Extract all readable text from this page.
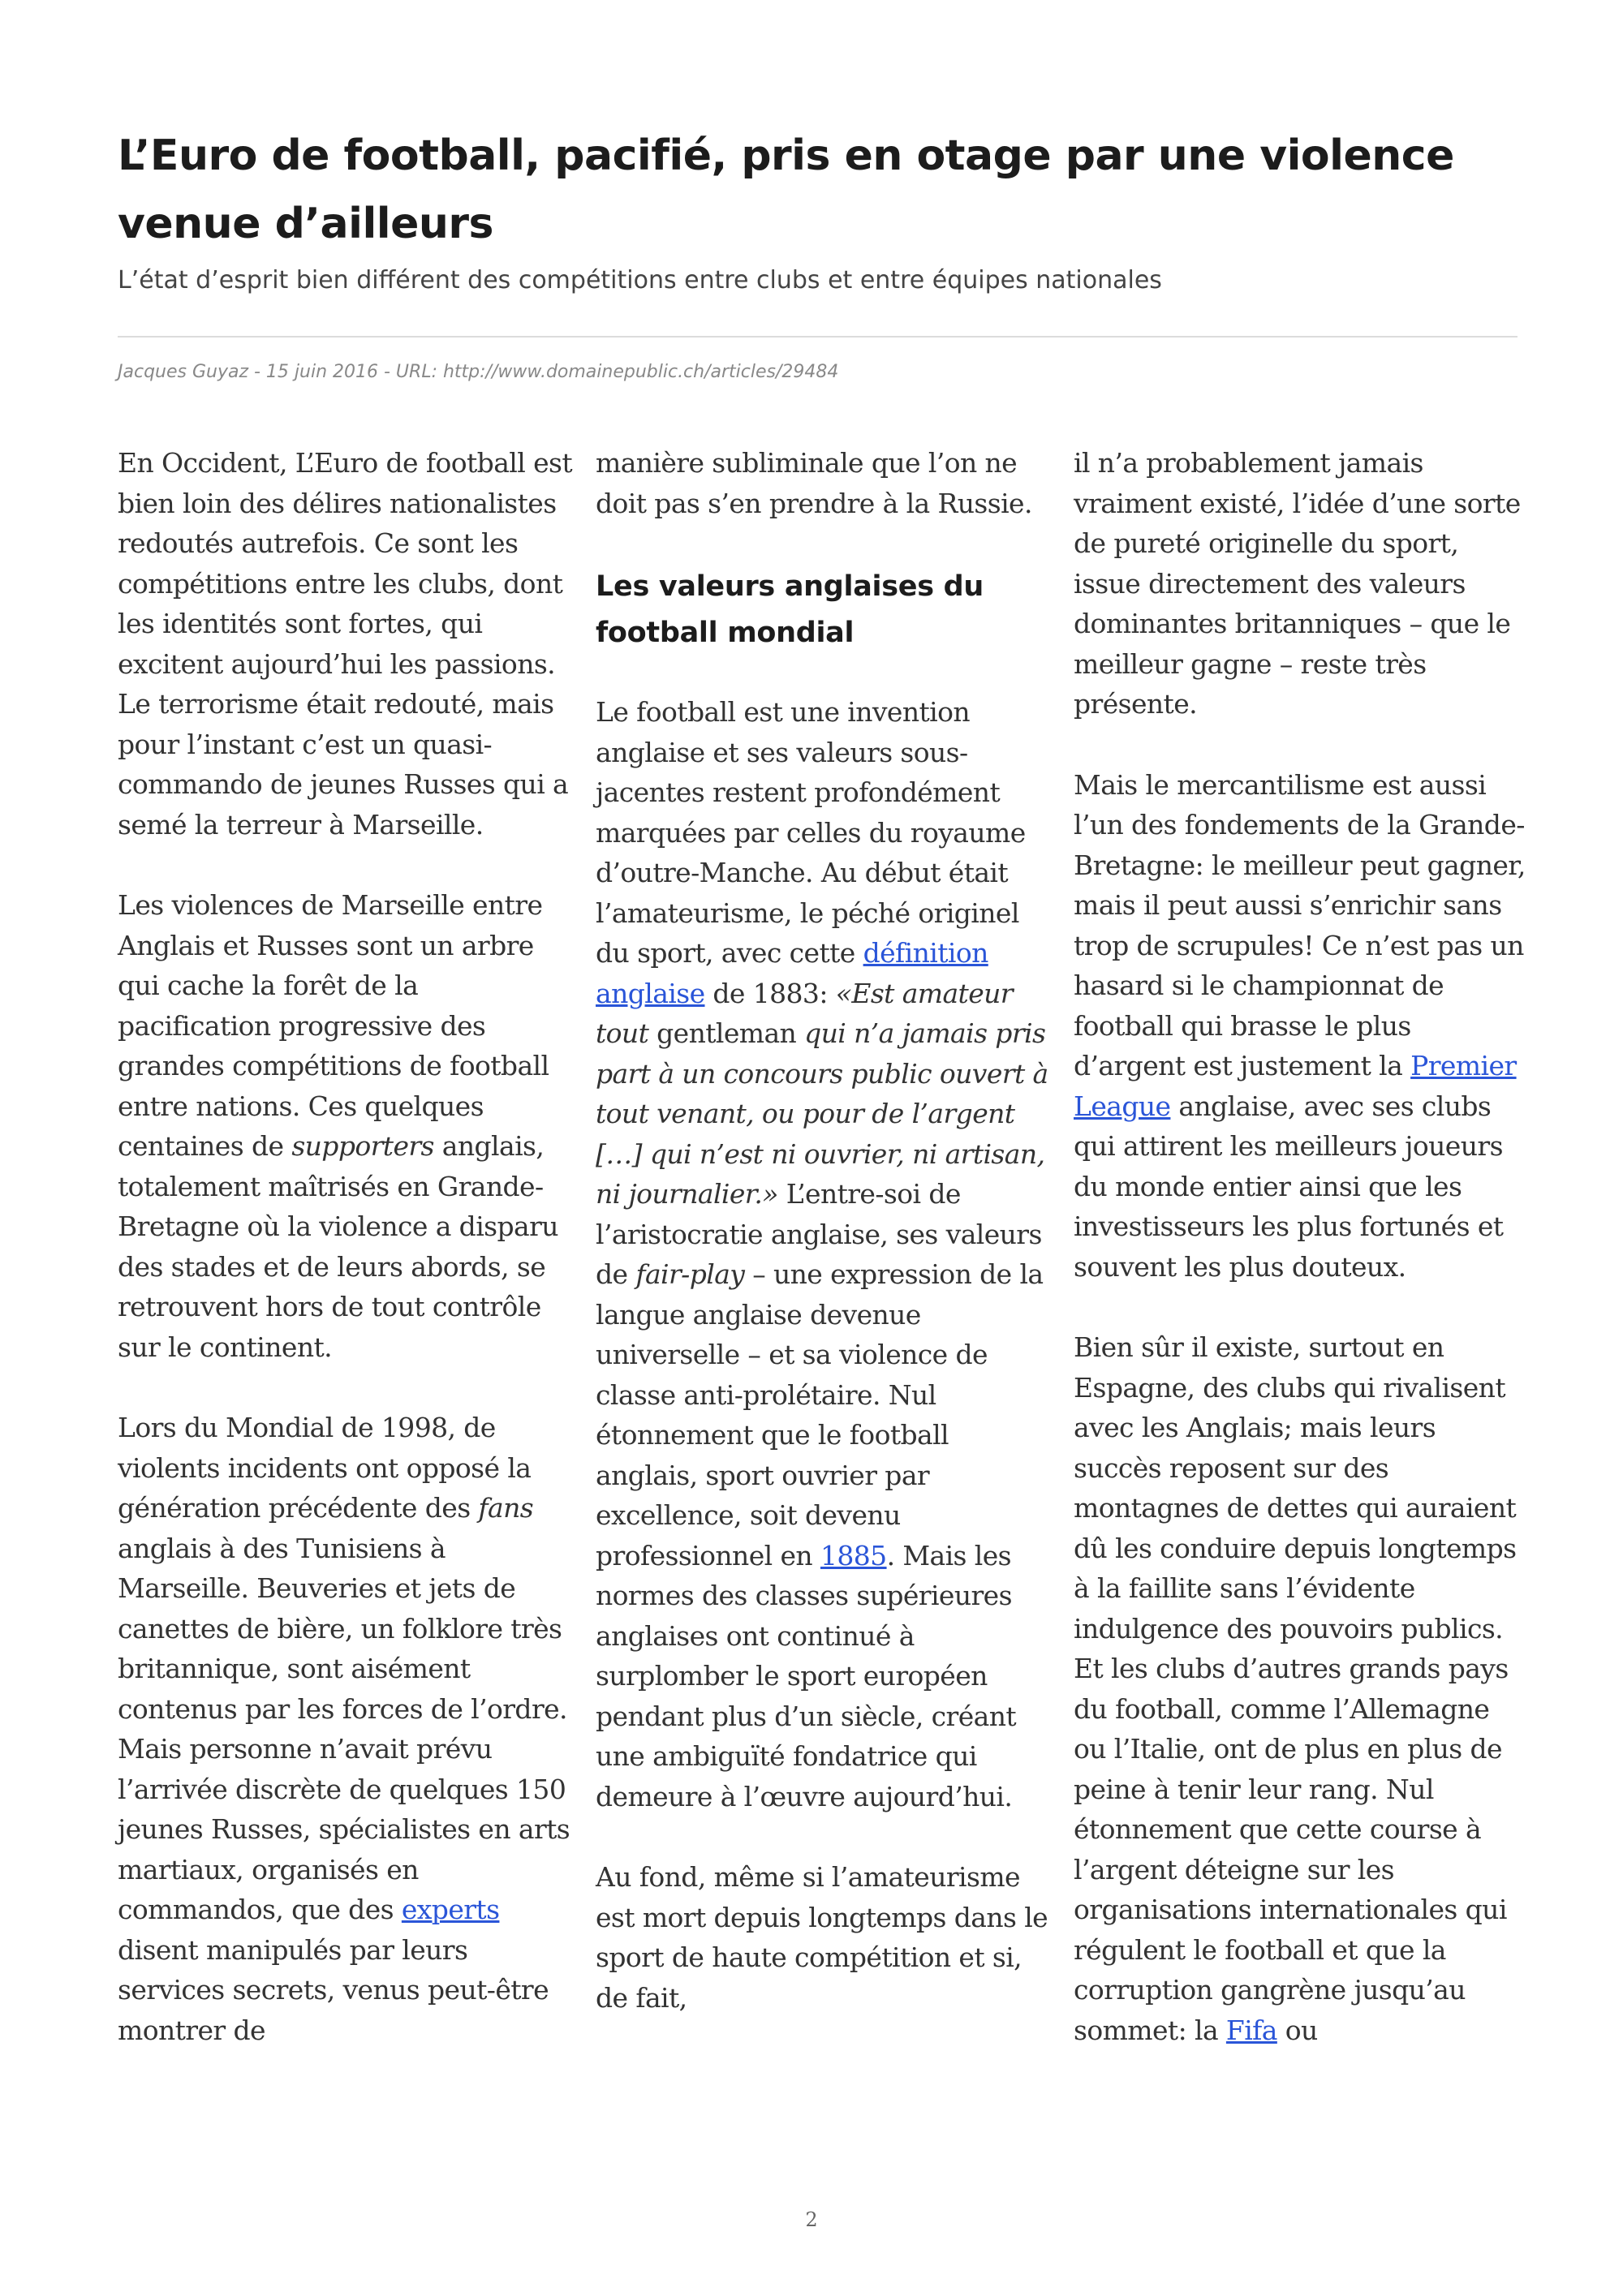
L’Euro de football, pacifié, pris en otage par une violence venue d’ailleurs

L’état d’esprit bien différent des compétitions entre clubs et entre équipes nationales

Jacques Guyaz - 15 juin 2016 - URL: http://www.domainepublic.ch/articles/29484

En Occident, L’Euro de football est bien loin des délires nationalistes redoutés autrefois. Ce sont les compétitions entre les clubs, dont les identités sont fortes, qui excitent aujourd’hui les passions. Le terrorisme était redouté, mais pour l’instant c’est un quasi-commando de jeunes Russes qui a semé la terreur à Marseille.

Les violences de Marseille entre Anglais et Russes sont un arbre qui cache la forêt de la pacification progressive des grandes compétitions de football entre nations. Ces quelques centaines de supporters anglais, totalement maîtrisés en Grande-Bretagne où la violence a disparu des stades et de leurs abords, se retrouvent hors de tout contrôle sur le continent.

Lors du Mondial de 1998, de violents incidents ont opposé la génération précédente des fans anglais à des Tunisiens à Marseille. Beuveries et jets de canettes de bière, un folklore très britannique, sont aisément contenus par les forces de l’ordre. Mais personne n’avait prévu l’arrivée discrète de quelques 150 jeunes Russes, spécialistes en arts martiaux, organisés en commandos, que des experts disent manipulés par leurs services secrets, venus peut-être montrer de

manière subliminale que l’on ne doit pas s’en prendre à la Russie.

Les valeurs anglaises du football mondial

Le football est une invention anglaise et ses valeurs sous-jacentes restent profondément marquées par celles du royaume d’outre-Manche. Au début était l’amateurisme, le péché originel du sport, avec cette définition anglaise de 1883: «Est amateur tout gentleman qui n’a jamais pris part à un concours public ouvert à tout venant, ou pour de l’argent […] qui n’est ni ouvrier, ni artisan, ni journalier.» L’entre-soi de l’aristocratie anglaise, ses valeurs de fair-play – une expression de la langue anglaise devenue universelle – et sa violence de classe anti-prolétaire. Nul étonnement que le football anglais, sport ouvrier par excellence, soit devenu professionnel en 1885. Mais les normes des classes supérieures anglaises ont continué à surplomber le sport européen pendant plus d’un siècle, créant une ambiguïté fondatrice qui demeure à l’œuvre aujourd’hui.

Au fond, même si l’amateurisme est mort depuis longtemps dans le sport de haute compétition et si, de fait,

il n’a probablement jamais vraiment existé, l’idée d’une sorte de pureté originelle du sport, issue directement des valeurs dominantes britanniques – que le meilleur gagne – reste très présente.

Mais le mercantilisme est aussi l’un des fondements de la Grande-Bretagne: le meilleur peut gagner, mais il peut aussi s’enrichir sans trop de scrupules! Ce n’est pas un hasard si le championnat de football qui brasse le plus d’argent est justement la Premier League anglaise, avec ses clubs qui attirent les meilleurs joueurs du monde entier ainsi que les investisseurs les plus fortunés et souvent les plus douteux.

Bien sûr il existe, surtout en Espagne, des clubs qui rivalisent avec les Anglais; mais leurs succès reposent sur des montagnes de dettes qui auraient dû les conduire depuis longtemps à la faillite sans l’évidente indulgence des pouvoirs publics. Et les clubs d’autres grands pays du football, comme l’Allemagne ou l’Italie, ont de plus en plus de peine à tenir leur rang. Nul étonnement que cette course à l’argent déteigne sur les organisations internationales qui régulent le football et que la corruption gangrène jusqu’au sommet: la Fifa ou

2
